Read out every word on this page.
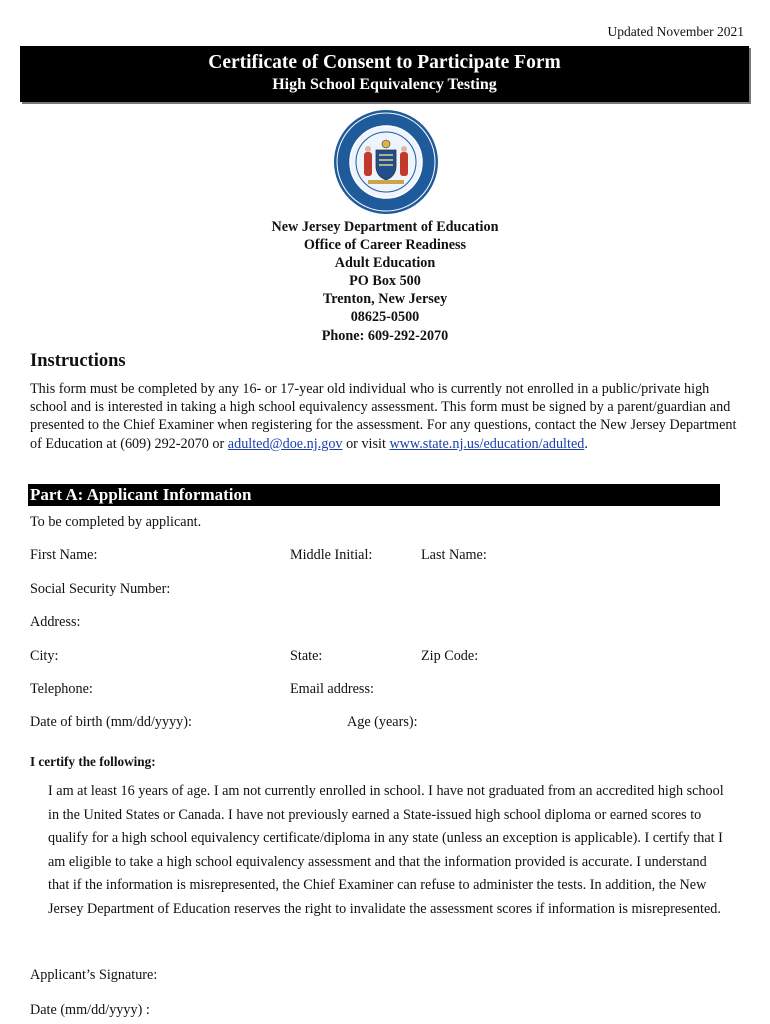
Updated November 2021
Certificate of Consent to Participate Form
High School Equivalency Testing
New Jersey Department of Education
Office of Career Readiness
Adult Education
PO Box 500
Trenton, New Jersey
08625-0500
Phone: 609-292-2070
Instructions
This form must be completed by any 16- or 17-year old individual who is currently not enrolled in a public/private high school and is interested in taking a high school equivalency assessment. This form must be signed by a parent/guardian and presented to the Chief Examiner when registering for the assessment. For any questions, contact the New Jersey Department of Education at (609) 292-2070 or adulted@doe.nj.gov or visit www.state.nj.us/education/adulted.
Part A: Applicant Information
To be completed by applicant.
First Name:	Middle Initial:	Last Name:
Social Security Number:
Address:
City:	State:	Zip Code:
Telephone:	Email address:
Date of birth (mm/dd/yyyy):	Age (years):
I certify the following:
I am at least 16 years of age. I am not currently enrolled in school. I have not graduated from an accredited high school in the United States or Canada. I have not previously earned a State-issued high school diploma or earned scores to qualify for a high school equivalency certificate/diploma in any state (unless an exception is applicable). I certify that I am eligible to take a high school equivalency assessment and that the information provided is accurate. I understand that if the information is misrepresented, the Chief Examiner can refuse to administer the tests. In addition, the New Jersey Department of Education reserves the right to invalidate the assessment scores if information is misrepresented.
Applicant’s Signature:
Date (mm/dd/yyyy) :
